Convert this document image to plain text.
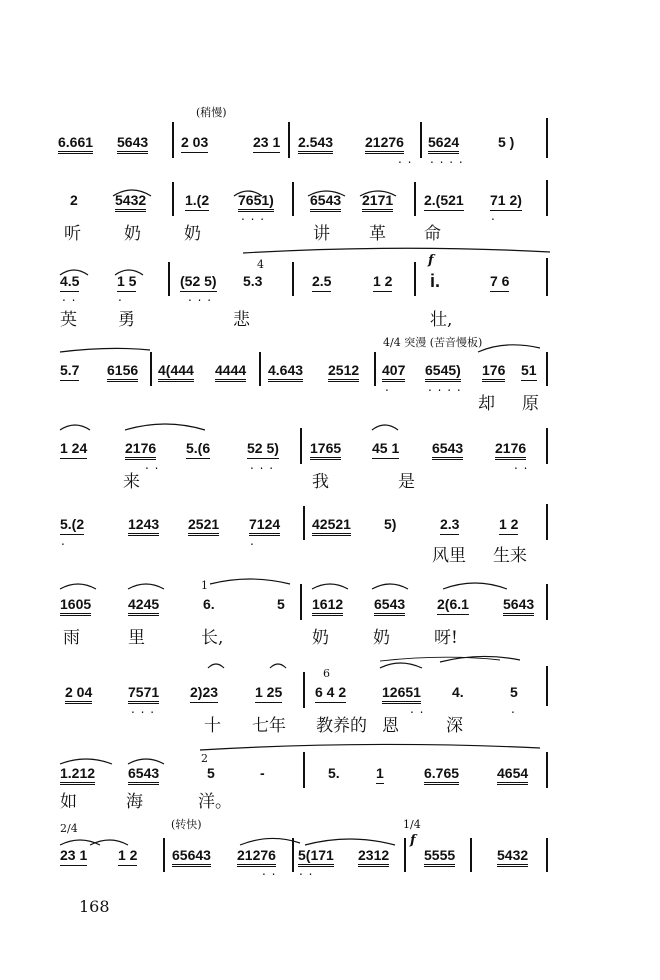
(稍慢)
6.661 5643 2 03	23 1 2.543 21276
. .
5624
. . . .
5 )
2	5432	1.(2 7651)
. . .
6543 2171 2.(521 71 2)
.
听	奶	奶	讲 革 命
f
4
4.5
. .
1 5
.
(52 5)
. . .
5.3	2.5	1 2 i.	7 6
英 勇	悲	壮,
4/4 突漫 (苦音慢板)
5.7 6156 4(444 4444 4.643 2512 407
.
6545)
. . . .
176 51
却 原
1 24	2176
. .
5.(6	52 5)
. . .
1765 45 1 6543 2176
. .
来	我	是
5.(2
.
1243 2521 7124
.
42521 5)	2.3	1 2
风里 生来
1
1605	4245	6.	5 1612 6543 2(6.1 5643
雨	里	长,	奶	奶	呀!
6
2 04	7571
. . .
2)23	1 25 6 4 2	12651
. .
4.	5
.
十 七年 教养的 恩	深
2
1.212 6543	5	-	5.	1	6.765	4654
如	海	洋。
2/4	(转快)	1/4
f
23 1 1 2 65643 21276
. .
5(171
. .
2312 5555	5432
168
